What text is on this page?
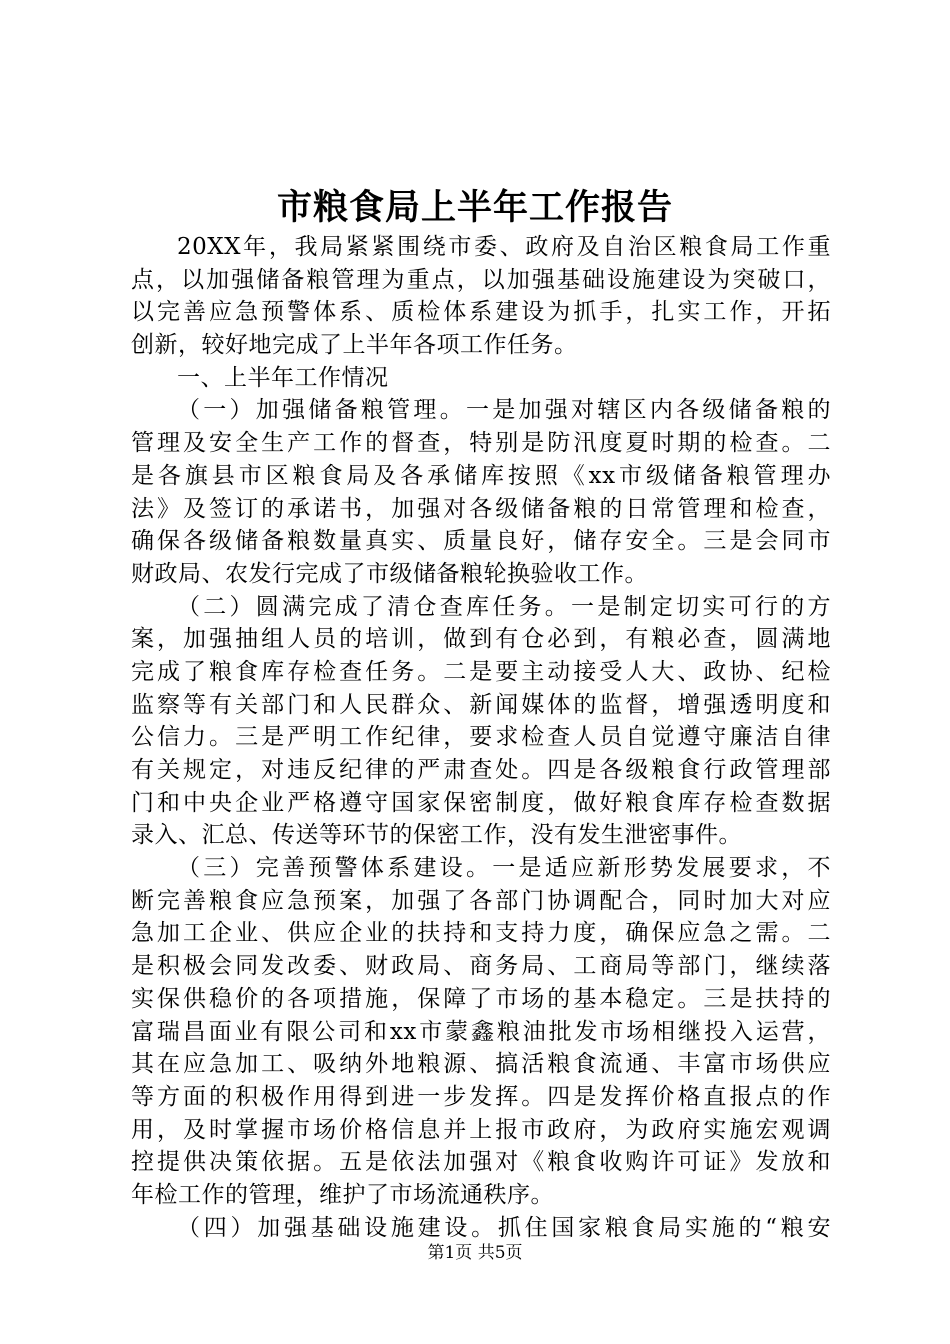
市粮食局上半年工作报告
20XX年，我局紧紧围绕市委、政府及自治区粮食局工作重
点，以加强储备粮管理为重点，以加强基础设施建设为突破口，
以完善应急预警体系、质检体系建设为抓手，扎实工作，开拓
创新，较好地完成了上半年各项工作任务。
一、上半年工作情况
（一）加强储备粮管理。一是加强对辖区内各级储备粮的
管理及安全生产工作的督查，特别是防汛度夏时期的检查。二
是各旗县市区粮食局及各承储库按照《xx市级储备粮管理办
法》及签订的承诺书，加强对各级储备粮的日常管理和检查，
确保各级储备粮数量真实、质量良好，储存安全。三是会同市
财政局、农发行完成了市级储备粮轮换验收工作。
（二）圆满完成了清仓查库任务。一是制定切实可行的方
案，加强抽组人员的培训，做到有仓必到，有粮必查，圆满地
完成了粮食库存检查任务。二是要主动接受人大、政协、纪检
监察等有关部门和人民群众、新闻媒体的监督，增强透明度和
公信力。三是严明工作纪律，要求检查人员自觉遵守廉洁自律
有关规定，对违反纪律的严肃查处。四是各级粮食行政管理部
门和中央企业严格遵守国家保密制度，做好粮食库存检查数据
录入、汇总、传送等环节的保密工作，没有发生泄密事件。
（三）完善预警体系建设。一是适应新形势发展要求，不
断完善粮食应急预案，加强了各部门协调配合，同时加大对应
急加工企业、供应企业的扶持和支持力度，确保应急之需。二
是积极会同发改委、财政局、商务局、工商局等部门，继续落
实保供稳价的各项措施，保障了市场的基本稳定。三是扶持的
富瑞昌面业有限公司和xx市蒙鑫粮油批发市场相继投入运营，
其在应急加工、吸纳外地粮源、搞活粮食流通、丰富市场供应
等方面的积极作用得到进一步发挥。四是发挥价格直报点的作
用，及时掌握市场价格信息并上报市政府，为政府实施宏观调
控提供决策依据。五是依法加强对《粮食收购许可证》发放和
年检工作的管理，维护了市场流通秩序。
（四）加强基础设施建设。抓住国家粮食局实施的“粮安
第1页 共5页
